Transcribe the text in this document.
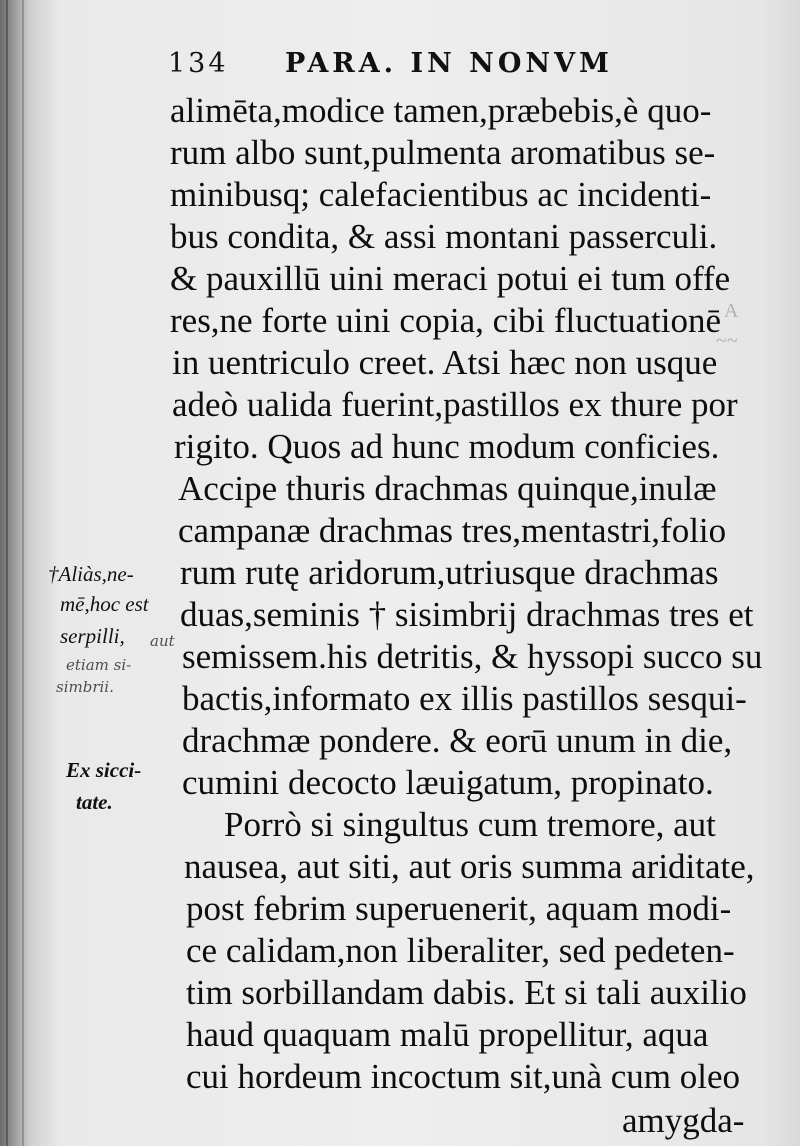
A
~~
134 PARA. IN NONVM
alimēta,modice tamen,præbebis,è quo-
rum albo sunt,pulmenta aromatibus se-
minibusq; calefacientibus ac incidenti-
bus condita, & assi montani passerculi.
& pauxillū uini meraci potui ei tum offe
res,ne forte uini copia, cibi fluctuationē
in uentriculo creet. Atsi hæc non usque
adeò ualida fuerint,pastillos ex thure por
rigito. Quos ad hunc modum conficies.
Accipe thuris drachmas quinque,inulæ
campanæ drachmas tres,mentastri,folio
rum rutę aridorum,utriusque drachmas
duas,seminis † sisimbrij drachmas tres et
semissem.his detritis, & hyssopi succo su
bactis,informato ex illis pastillos sesqui-
drachmæ pondere. & eorū unum in die,
cumini decocto læuigatum, propinato.
Porrò si singultus cum tremore, aut
nausea, aut siti, aut oris summa ariditate,
post febrim superuenerit, aquam modi-
ce calidam,non liberaliter, sed pedeten-
tim sorbillandam dabis. Et si tali auxilio
haud quaquam malū propellitur, aqua
cui hordeum incoctum sit,unà cum oleo
amygda-
†Aliàs,ne-
mē,hoc est
serpilli, aut
etiam si-
simbrii.
Ex sicci-
tate.
